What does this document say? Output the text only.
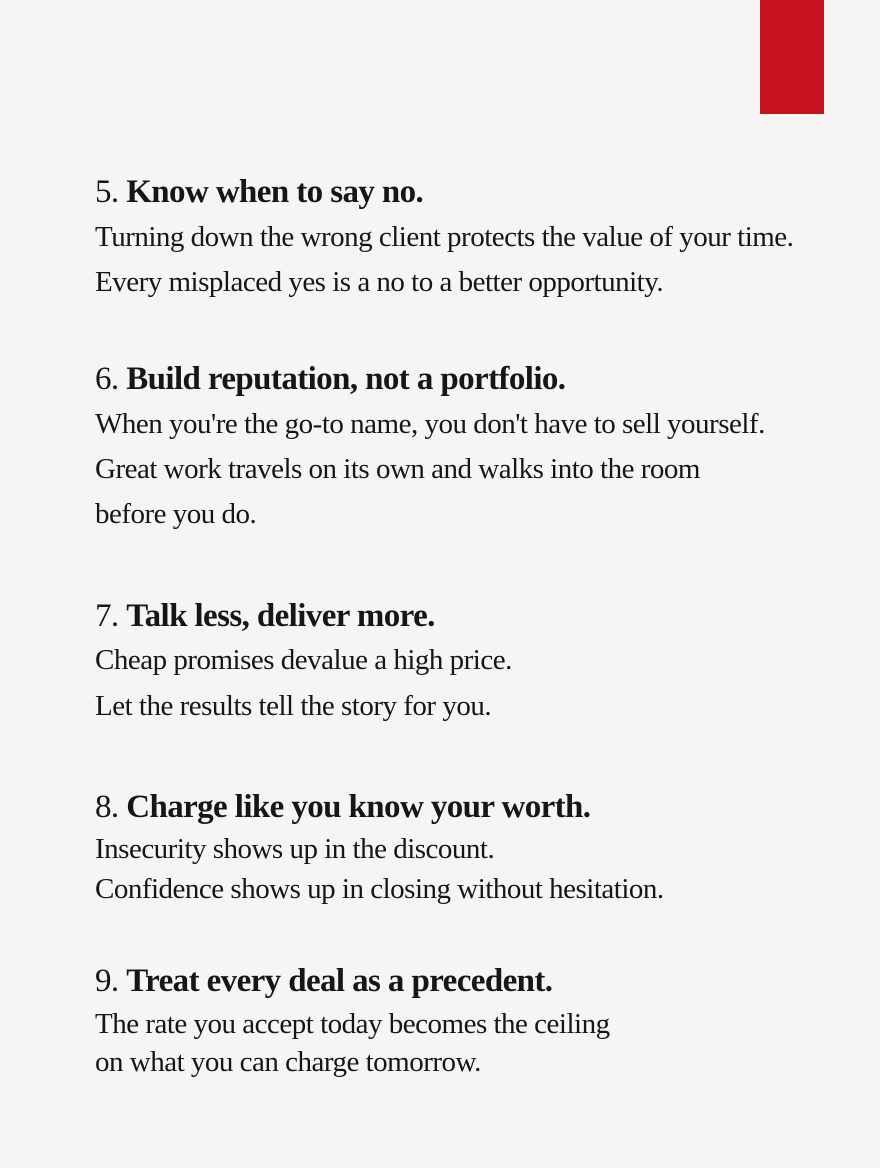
5. Know when to say no.
Turning down the wrong client protects the value of your time.
Every misplaced yes is a no to a better opportunity.
6. Build reputation, not a portfolio.
When you're the go-to name, you don't have to sell yourself.
Great work travels on its own and walks into the room
before you do.
7. Talk less, deliver more.
Cheap promises devalue a high price.
Let the results tell the story for you.
8. Charge like you know your worth.
Insecurity shows up in the discount.
Confidence shows up in closing without hesitation.
9. Treat every deal as a precedent.
The rate you accept today becomes the ceiling
on what you can charge tomorrow.
